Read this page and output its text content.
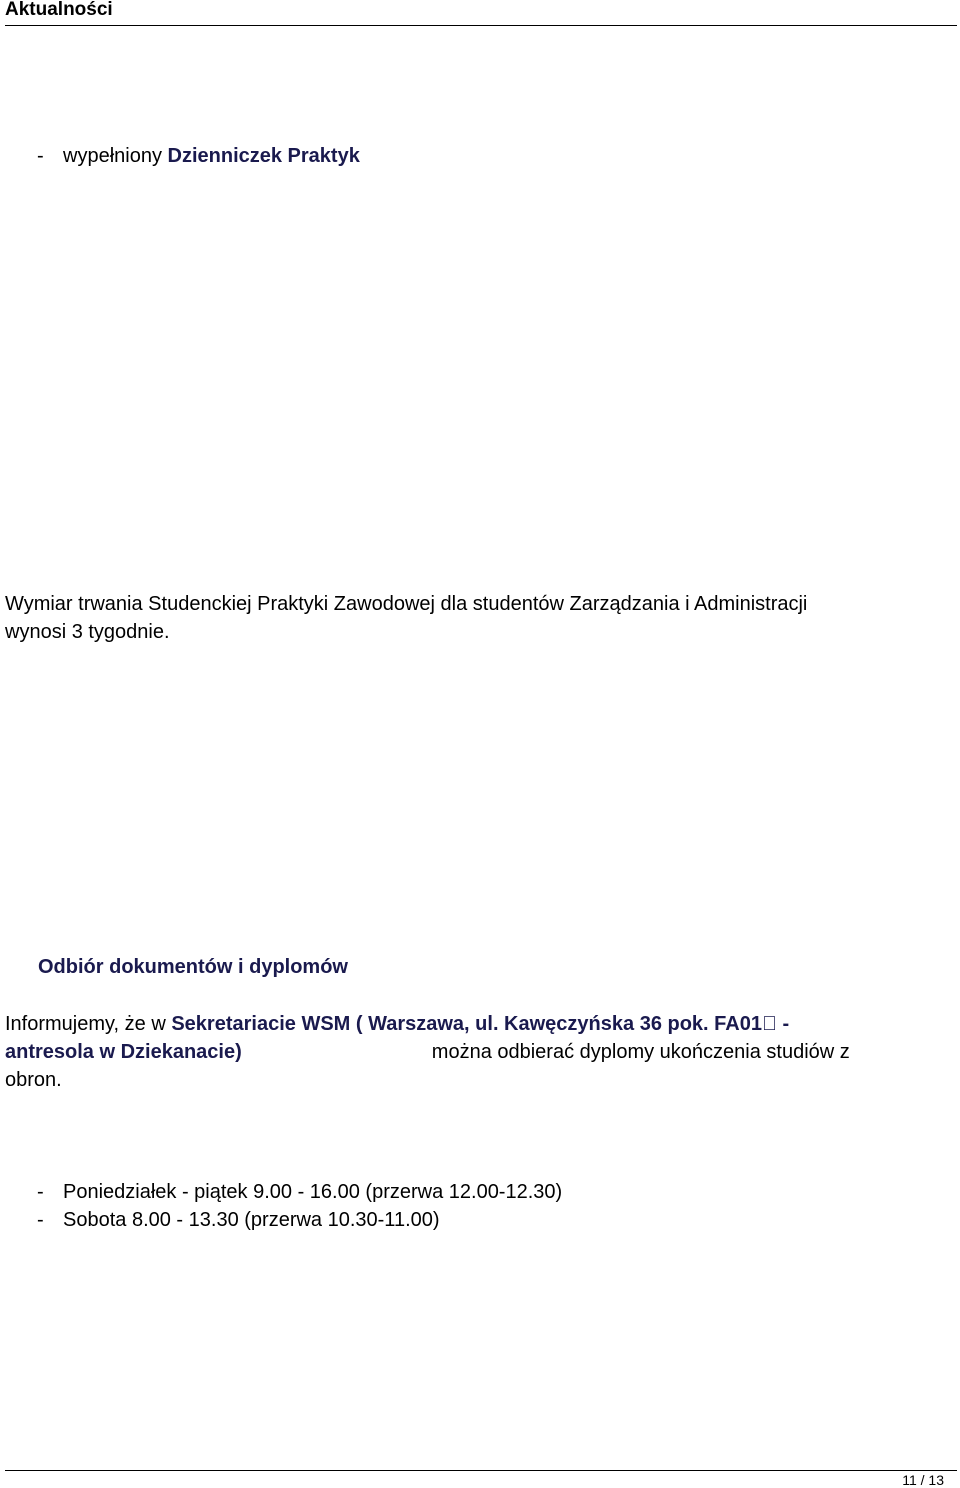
Aktualności
- wypełniony Dzienniczek Praktyk
Wymiar trwania Studenckiej Praktyki Zawodowej dla studentów Zarządzania i Administracji
wynosi 3 tygodnie.
Odbiór dokumentów i dyplomów
Informujemy, że w Sekretariacie WSM ( Warszawa, ul. Kawęczyńska 36 pok. FA01 -
antresola w Dziekanacie)	można odbierać dyplomy ukończenia studiów z
obron.
- Poniedziałek - piątek 9.00 - 16.00 (przerwa 12.00-12.30)
- Sobota 8.00 - 13.30 (przerwa 10.30-11.00)
11 / 13
